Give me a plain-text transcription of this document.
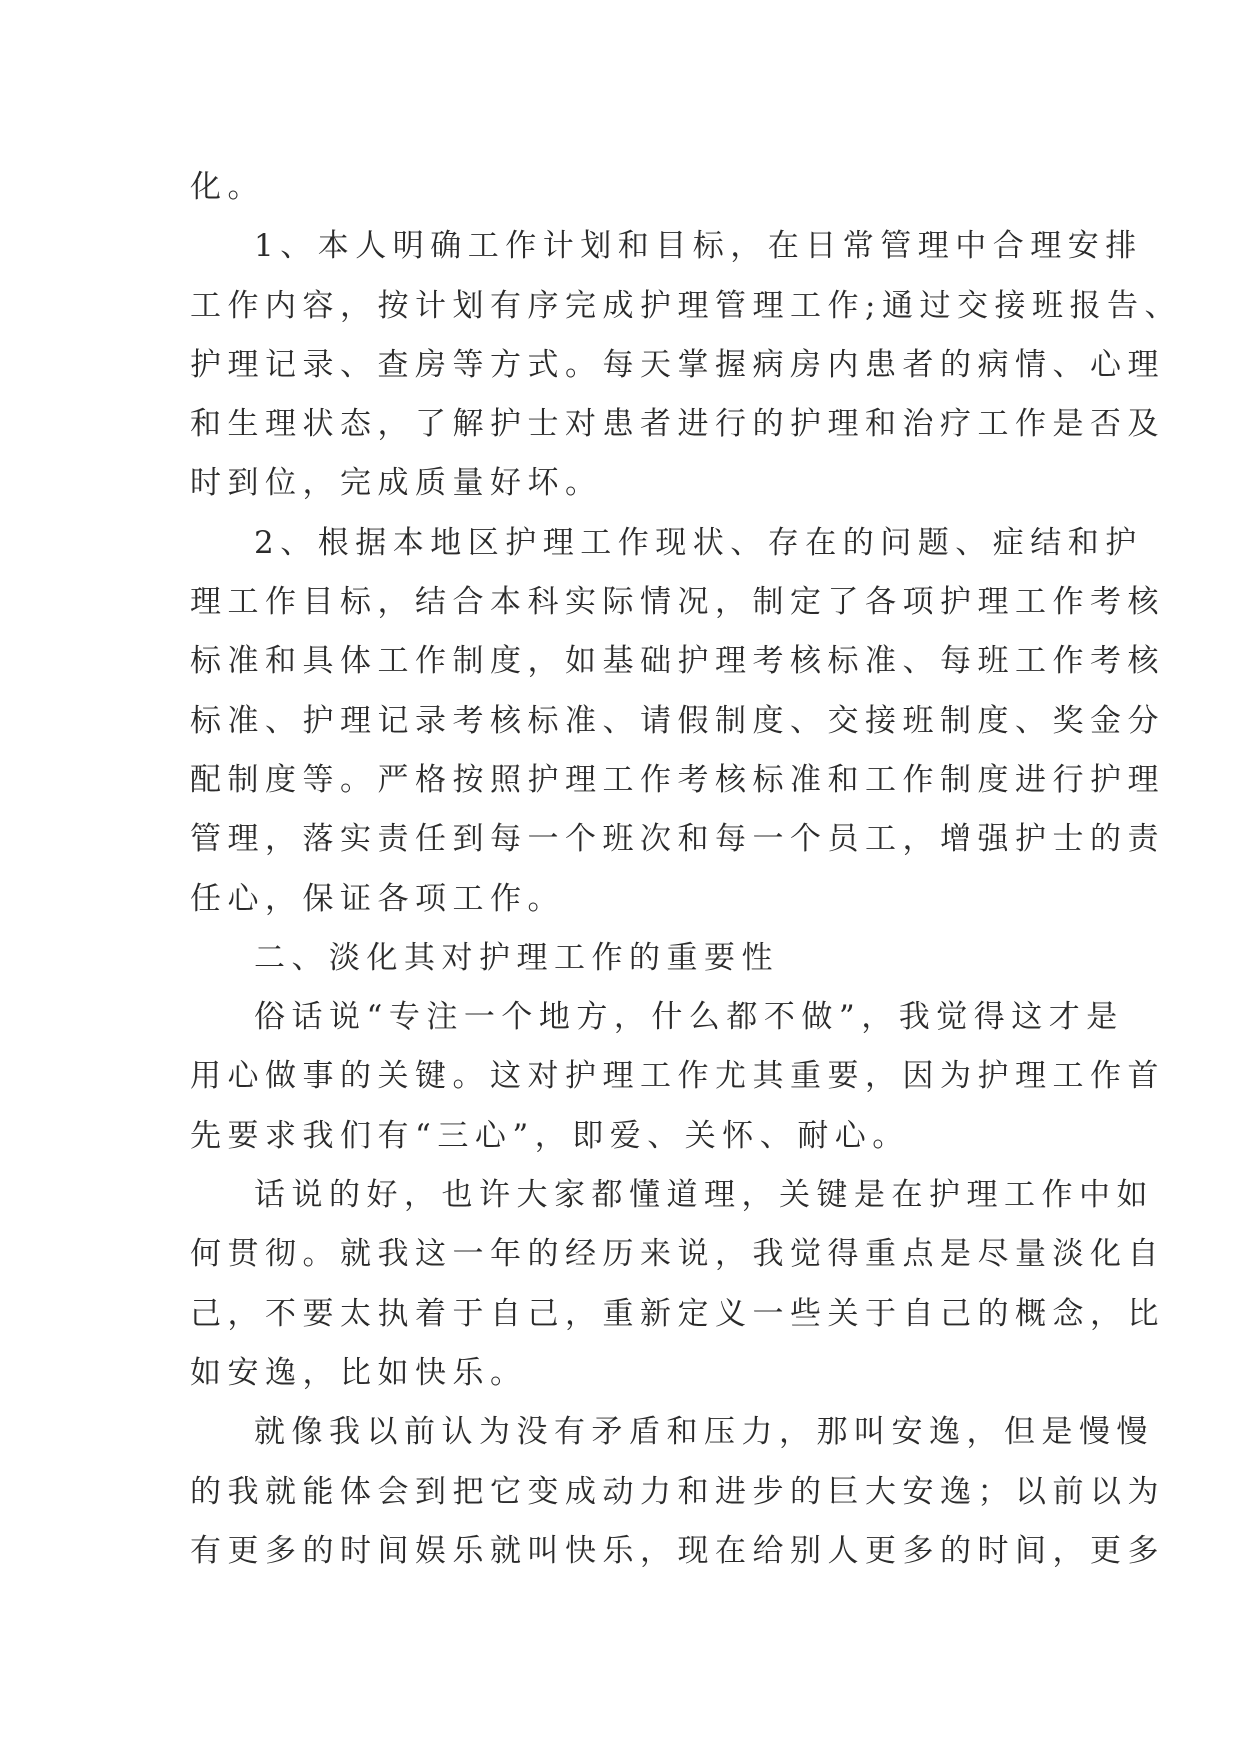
化。
1、本人明确工作计划和目标，在日常管理中合理安排
工作内容，按计划有序完成护理管理工作;通过交接班报告、
护理记录、查房等方式。每天掌握病房内患者的病情、心理
和生理状态，了解护士对患者进行的护理和治疗工作是否及
时到位，完成质量好坏。
2、根据本地区护理工作现状、存在的问题、症结和护
理工作目标，结合本科实际情况，制定了各项护理工作考核
标准和具体工作制度，如基础护理考核标准、每班工作考核
标准、护理记录考核标准、请假制度、交接班制度、奖金分
配制度等。严格按照护理工作考核标准和工作制度进行护理
管理，落实责任到每一个班次和每一个员工，增强护士的责
任心，保证各项工作。
二、淡化其对护理工作的重要性
俗话说“专注一个地方，什么都不做”，我觉得这才是
用心做事的关键。这对护理工作尤其重要，因为护理工作首
先要求我们有“三心”，即爱、关怀、耐心。
话说的好，也许大家都懂道理，关键是在护理工作中如
何贯彻。就我这一年的经历来说，我觉得重点是尽量淡化自
己，不要太执着于自己，重新定义一些关于自己的概念，比
如安逸，比如快乐。
就像我以前认为没有矛盾和压力，那叫安逸，但是慢慢
的我就能体会到把它变成动力和进步的巨大安逸；以前以为
有更多的时间娱乐就叫快乐，现在给别人更多的时间，更多
